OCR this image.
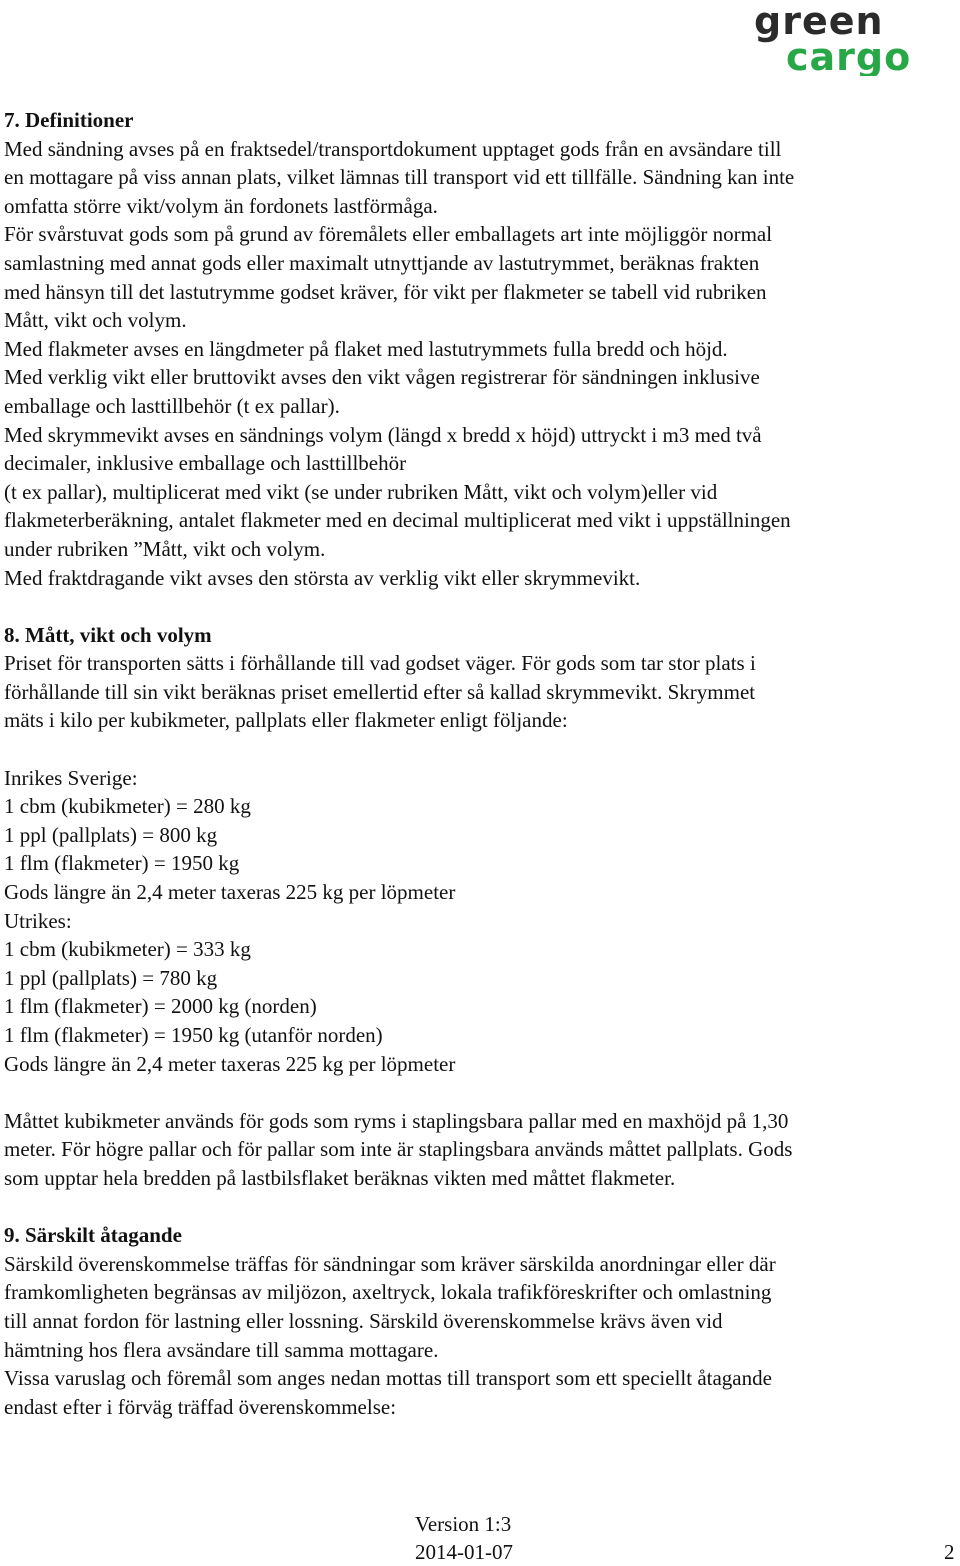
green
cargo
7. Definitioner
Med sändning avses på en fraktsedel/transportdokument upptaget gods från en avsändare till
en mottagare på viss annan plats, vilket lämnas till transport vid ett tillfälle. Sändning kan inte
omfatta större vikt/volym än fordonets lastförmåga.
För svårstuvat gods som på grund av föremålets eller emballagets art inte möjliggör normal
samlastning med annat gods eller maximalt utnyttjande av lastutrymmet, beräknas frakten
med hänsyn till det lastutrymme godset kräver, för vikt per flakmeter se tabell vid rubriken
Mått, vikt och volym.
Med flakmeter avses en längdmeter på flaket med lastutrymmets fulla bredd och höjd.
Med verklig vikt eller bruttovikt avses den vikt vågen registrerar för sändningen inklusive
emballage och lasttillbehör (t ex pallar).
Med skrymmevikt avses en sändnings volym (längd x bredd x höjd) uttryckt i m3 med två
decimaler, inklusive emballage och lasttillbehör
(t ex pallar), multiplicerat med vikt (se under rubriken Mått, vikt och volym)eller vid
flakmeterberäkning, antalet flakmeter med en decimal multiplicerat med vikt i uppställningen
under rubriken ”Mått, vikt och volym.
Med fraktdragande vikt avses den största av verklig vikt eller skrymmevikt.
8. Mått, vikt och volym
Priset för transporten sätts i förhållande till vad godset väger. För gods som tar stor plats i
förhållande till sin vikt beräknas priset emellertid efter så kallad skrymmevikt. Skrymmet
mäts i kilo per kubikmeter, pallplats eller flakmeter enligt följande:
Inrikes Sverige:
1 cbm (kubikmeter) = 280 kg
1 ppl (pallplats) = 800 kg
1 flm (flakmeter) = 1950 kg
Gods längre än 2,4 meter taxeras 225 kg per löpmeter
Utrikes:
1 cbm (kubikmeter) = 333 kg
1 ppl (pallplats) = 780 kg
1 flm (flakmeter) = 2000 kg (norden)
1 flm (flakmeter) = 1950 kg (utanför norden)
Gods längre än 2,4 meter taxeras 225 kg per löpmeter
Måttet kubikmeter används för gods som ryms i staplingsbara pallar med en maxhöjd på 1,30
meter. För högre pallar och för pallar som inte är staplingsbara används måttet pallplats. Gods
som upptar hela bredden på lastbilsflaket beräknas vikten med måttet flakmeter.
9. Särskilt åtagande
Särskild överenskommelse träffas för sändningar som kräver särskilda anordningar eller där
framkomligheten begränsas av miljözon, axeltryck, lokala trafikföreskrifter och omlastning
till annat fordon för lastning eller lossning. Särskild överenskommelse krävs även vid
hämtning hos flera avsändare till samma mottagare.
Vissa varuslag och föremål som anges nedan mottas till transport som ett speciellt åtagande
endast efter i förväg träffad överenskommelse:
Version 1:3
2014-01-07	2
